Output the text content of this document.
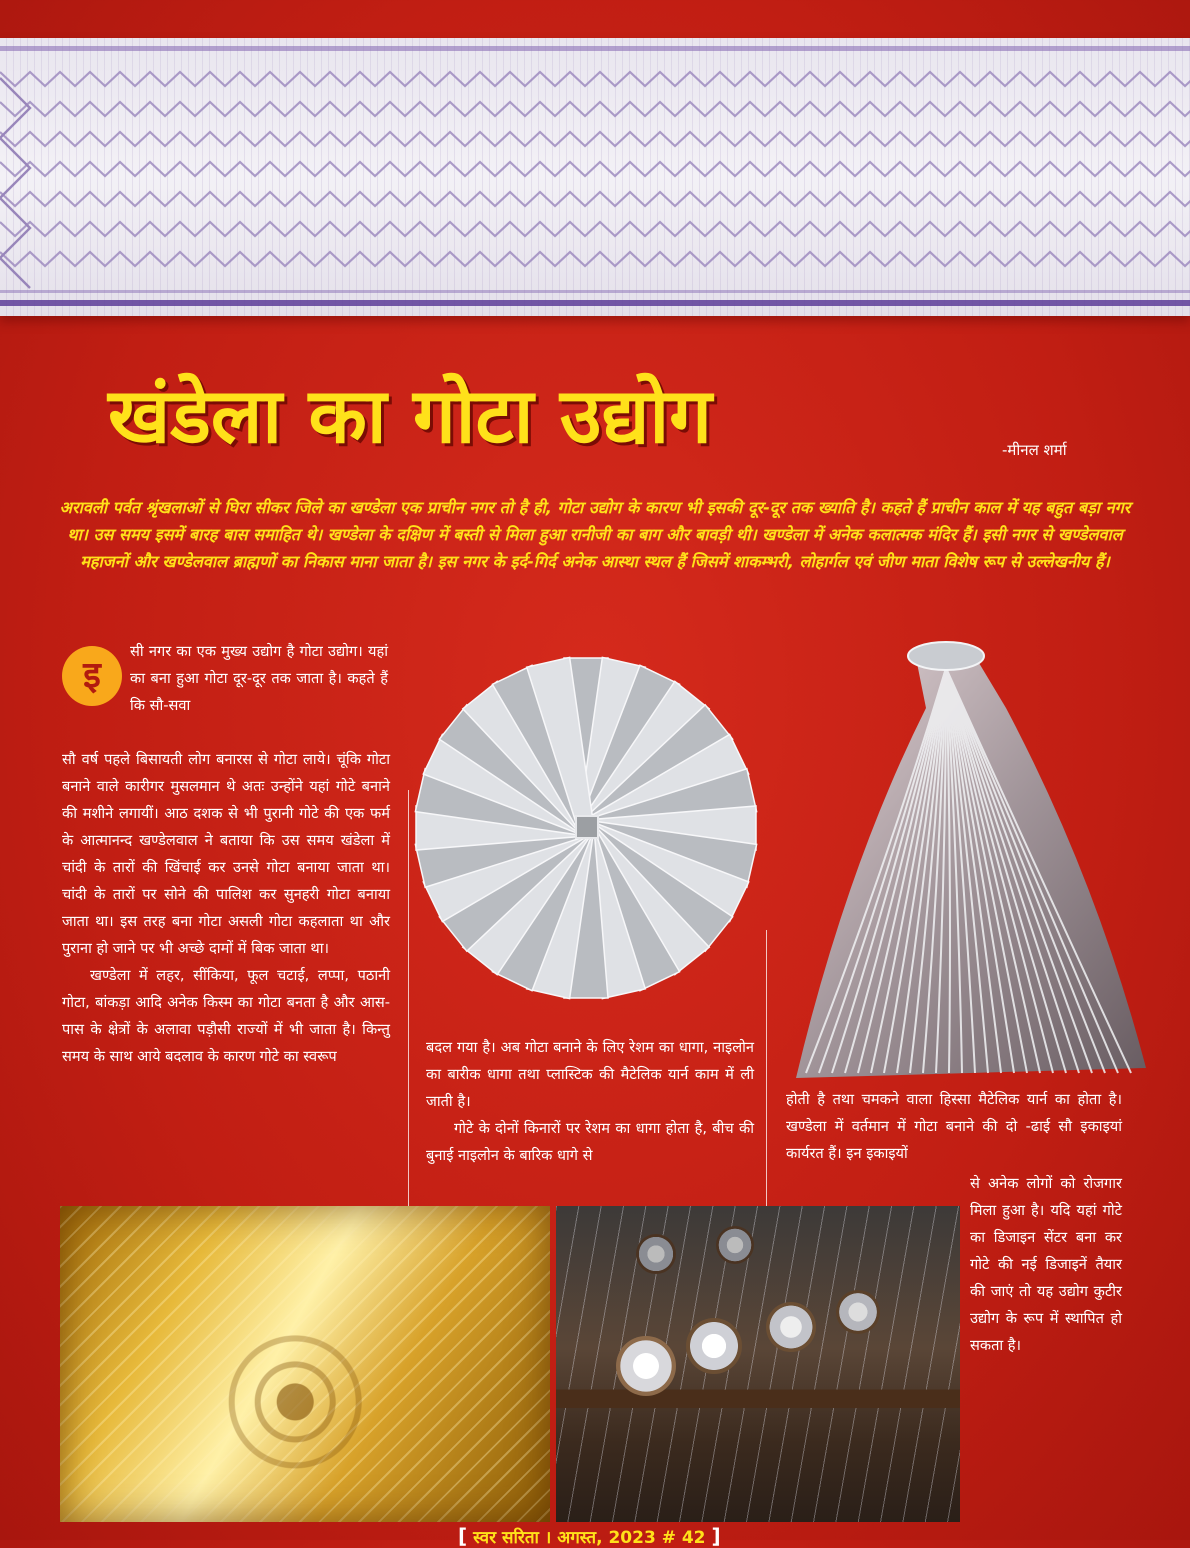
खंडेला का गोटा उद्योग	-मीनल शर्मा
अरावली पर्वत श्रृंखलाओं से घिरा सीकर जिले का खण्डेला एक प्राचीन नगर तो है ही, गोटा उद्योग के कारण भी इसकी दूर-दूर तक ख्याति है। कहते हैं प्राचीन काल में यह बहुत बड़ा नगर था। उस समय इसमें बारह बास समाहित थे। खण्डेला के दक्षिण में बस्ती से मिला हुआ रानीजी का बाग और बावड़ी थी। खण्डेला में अनेक कलात्मक मंदिर हैं। इसी नगर से खण्डेलवाल महाजनों और खण्डेलवाल ब्राह्मणों का निकास माना जाता है। इस नगर के इर्द-गिर्द अनेक आस्था स्थल हैं जिसमें शाकम्भरी, लोहार्गल एवं जीण माता विशेष रूप से उल्लेखनीय हैं।
इ
सी नगर का एक मुख्य उद्योग है गोटा उद्योग। यहां का बना हुआ गोटा दूर-दूर तक जाता है। कहते हैं कि सौ-सवा

सौ वर्ष पहले बिसायती लोग बनारस से गोटा लाये। चूंकि गोटा बनाने वाले कारीगर मुसलमान थे अतः उन्होंने यहां गोटे बनाने की मशीने लगायीं। आठ दशक से भी पुरानी गोटे की एक फर्म के आत्मानन्द खण्डेलवाल ने बताया कि उस समय खंडेला में चांदी के तारों की खिंचाई कर उनसे गोटा बनाया जाता था। चांदी के तारों पर सोने की पालिश कर सुनहरी गोटा बनाया जाता था। इस तरह बना गोटा असली गोटा कहलाता था और पुराना हो जाने पर भी अच्छे दामों में बिक जाता था।

खण्डेला में लहर, सींकिया, फूल चटाई, लप्पा, पठानी गोटा, बांकड़ा आदि अनेक किस्म का गोटा बनता है और आस-पास के क्षेत्रों के अलावा पड़ौसी राज्यों में भी जाता है। किन्तु समय के साथ आये बदलाव के कारण गोटे का स्वरूप

बदल गया है। अब गोटा बनाने के लिए रेशम का धागा, नाइलोन का बारीक धागा तथा प्लास्टिक की मैटेलिक यार्न काम में ली जाती है।

गोटे के दोनों किनारों पर रेशम का धागा होता है, बीच की बुनाई नाइलोन के बारिक धागे से

होती है तथा चमकने वाला हिस्सा मैटेलिक यार्न का होता है। खण्डेला में वर्तमान में गोटा बनाने की दो -ढाई सौ इकाइयां कार्यरत हैं। इन इकाइयों
से अनेक लोगों को रोजगार मिला हुआ है। यदि यहां गोटे का डिजाइन सेंटर बना कर गोटे की नई डिजाइनें तैयार की जाएं तो यह उद्योग कुटीर उद्योग के रूप में स्थापित हो सकता है।
[ स्वर सरिता । अगस्त, 2023 # 42 ]
